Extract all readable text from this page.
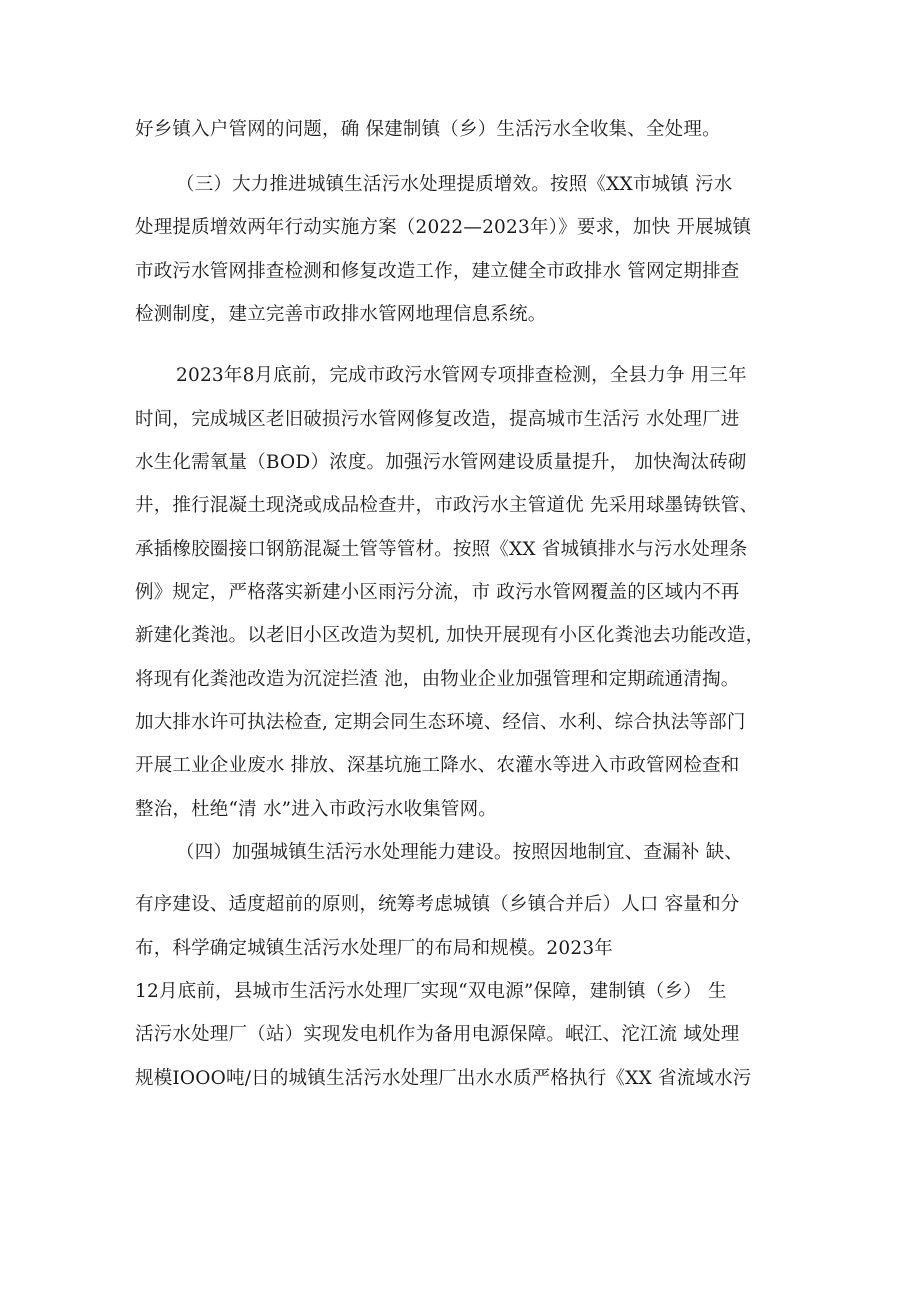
好乡镇入户管网的问题，确 保建制镇（乡）生活污水全收集、全处理。
（三）大力推进城镇生活污水处理提质增效。按照《XX市城镇 污水
处理提质增效两年行动实施方案（2022—2023年）》要求，加快 开展城镇
市政污水管网排查检测和修复改造工作，建立健全市政排水 管网定期排查
检测制度，建立完善市政排水管网地理信息系统。
2023年8月底前，完成市政污水管网专项排查检测，全县力争 用三年
时间，完成城区老旧破损污水管网修复改造，提高城市生活污 水处理厂进
水生化需氧量（BOD）浓度。加强污水管网建设质量提升， 加快淘汰砖砌
井，推行混凝土现浇或成品检查井，市政污水主管道优 先采用球墨铸铁管、
承插橡胶圈接口钢筋混凝土管等管材。按照《XX 省城镇排水与污水处理条
例》规定，严格落实新建小区雨污分流，市 政污水管网覆盖的区域内不再
新建化粪池。以老旧小区改造为契机, 加快开展现有小区化粪池去功能改造，
将现有化粪池改造为沉淀拦渣 池，由物业企业加强管理和定期疏通清掏。
加大排水许可执法检查, 定期会同生态环境、经信、水利、综合执法等部门
开展工业企业废水 排放、深基坑施工降水、农灌水等进入市政管网检查和
整治，杜绝“清 水”进入市政污水收集管网。
（四）加强城镇生活污水处理能力建设。按照因地制宜、查漏补 缺、
有序建设、适度超前的原则，统筹考虑城镇（乡镇合并后）人口 容量和分
布，科学确定城镇生活污水处理厂的布局和规模。2023年
12月底前，县城市生活污水处理厂实现“双电源”保障，建制镇（乡） 生
活污水处理厂（站）实现发电机作为备用电源保障。岷江、沱江流 域处理
规模IOOO吨/日的城镇生活污水处理厂出水水质严格执行《XX 省流域水污
